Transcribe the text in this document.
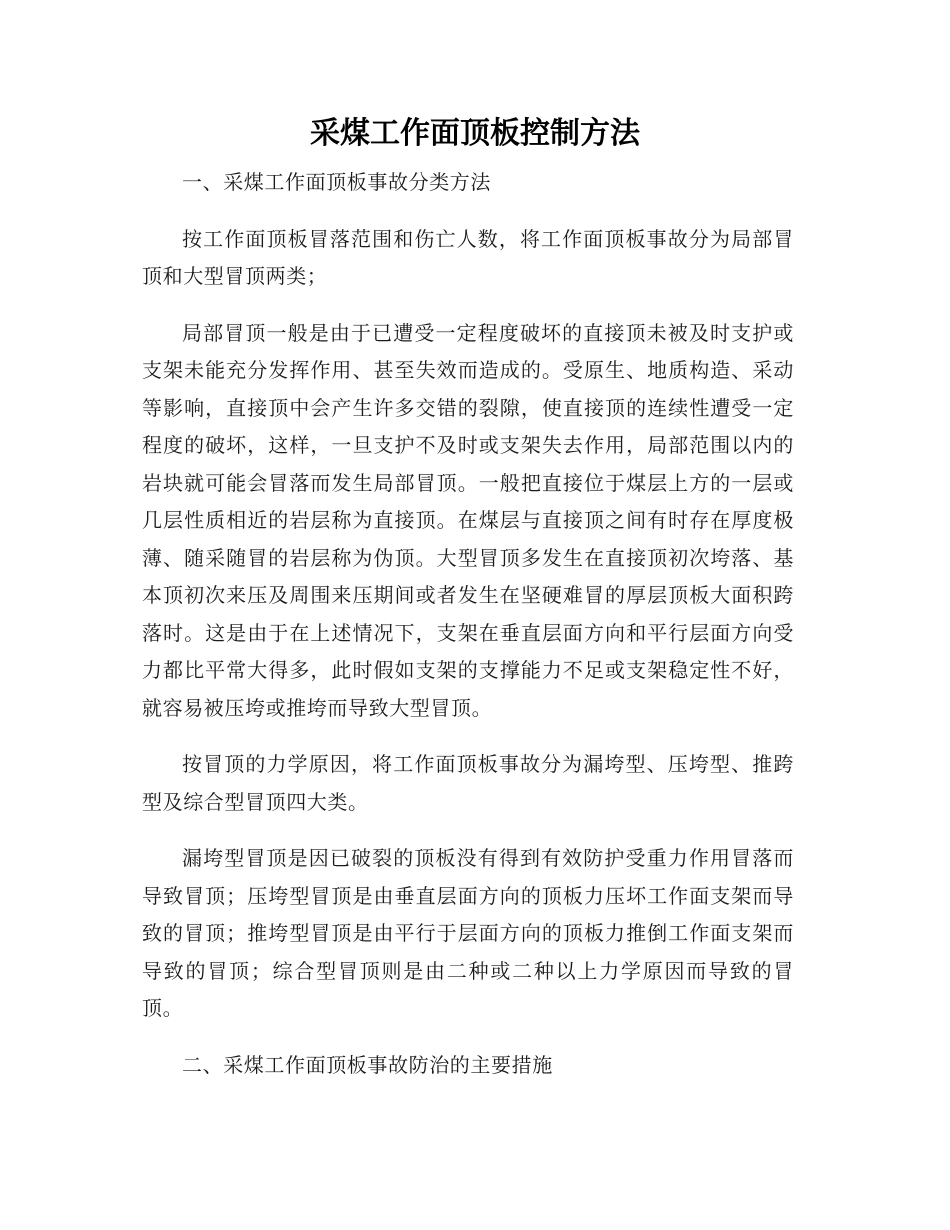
采煤工作面顶板控制方法

一、采煤工作面顶板事故分类方法

按工作面顶板冒落范围和伤亡人数，将工作面顶板事故分为局部冒顶和大型冒顶两类；

局部冒顶一般是由于已遭受一定程度破坏的直接顶未被及时支护或支架未能充分发挥作用、甚至失效而造成的。受原生、地质构造、采动等影响，直接顶中会产生许多交错的裂隙，使直接顶的连续性遭受一定程度的破坏，这样，一旦支护不及时或支架失去作用，局部范围以内的岩块就可能会冒落而发生局部冒顶。一般把直接位于煤层上方的一层或几层性质相近的岩层称为直接顶。在煤层与直接顶之间有时存在厚度极薄、随采随冒的岩层称为伪顶。大型冒顶多发生在直接顶初次垮落、基本顶初次来压及周围来压期间或者发生在坚硬难冒的厚层顶板大面积跨落时。这是由于在上述情况下，支架在垂直层面方向和平行层面方向受力都比平常大得多，此时假如支架的支撑能力不足或支架稳定性不好，就容易被压垮或推垮而导致大型冒顶。

按冒顶的力学原因，将工作面顶板事故分为漏垮型、压垮型、推跨型及综合型冒顶四大类。

漏垮型冒顶是因已破裂的顶板没有得到有效防护受重力作用冒落而导致冒顶；压垮型冒顶是由垂直层面方向的顶板力压坏工作面支架而导致的冒顶；推垮型冒顶是由平行于层面方向的顶板力推倒工作面支架而导致的冒顶；综合型冒顶则是由二种或二种以上力学原因而导致的冒顶。

二、采煤工作面顶板事故防治的主要措施
